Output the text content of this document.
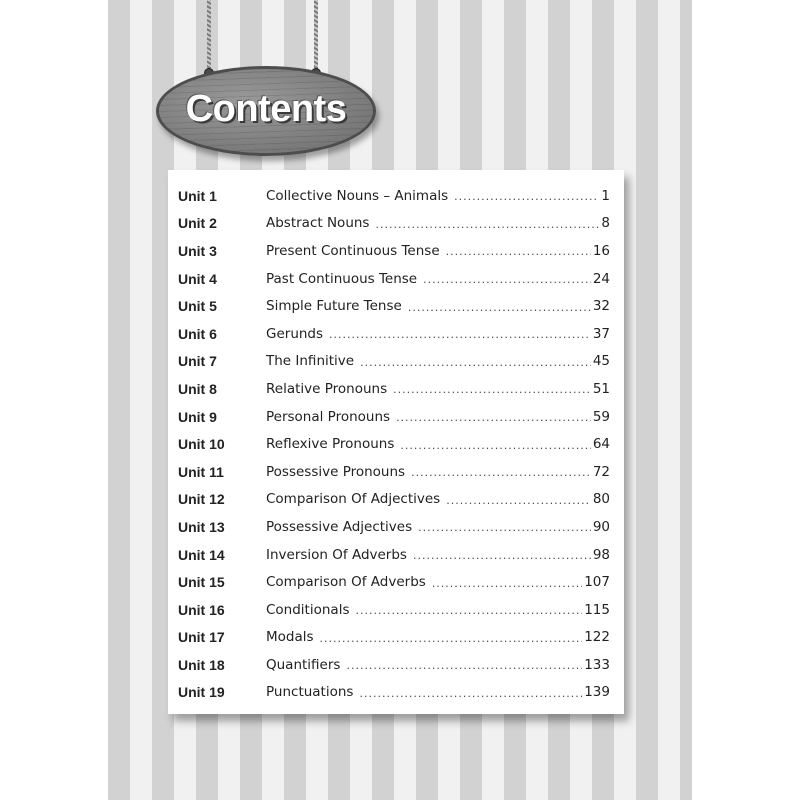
Contents
Unit 1	Collective Nouns – Animals .....	1
Unit 2	Abstract Nouns .....	8
Unit 3	Present Continuous Tense .....	16
Unit 4	Past Continuous Tense .....	24
Unit 5	Simple Future Tense .....	32
Unit 6	Gerunds .....	37
Unit 7	The Infinitive .....	45
Unit 8	Relative Pronouns .....	51
Unit 9	Personal Pronouns .....	59
Unit 10	Reflexive Pronouns .....	64
Unit 11	Possessive Pronouns .....	72
Unit 12	Comparison Of Adjectives .....	80
Unit 13	Possessive Adjectives .....	90
Unit 14	Inversion Of Adverbs .....	98
Unit 15	Comparison Of Adverbs .....	107
Unit 16	Conditionals .....	115
Unit 17	Modals .....	122
Unit 18	Quantifiers .....	133
Unit 19	Punctuations .....	139
